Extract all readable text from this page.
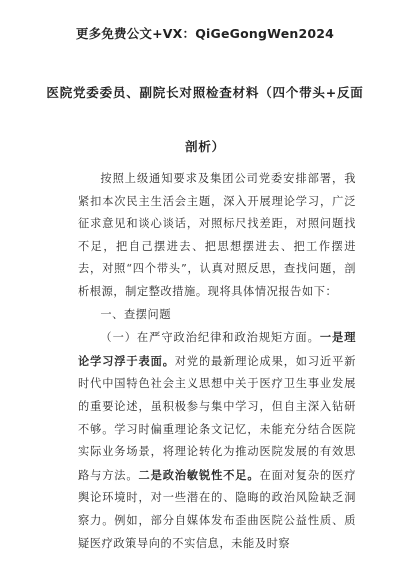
更多免费公文+VX：QiGeGongWen2024
医院党委委员、副院长对照检查材料（四个带头+反面剖析）

按照上级通知要求及集团公司党委安排部署，我紧扣本次民主生活会主题，深入开展理论学习，广泛征求意见和谈心谈话，对照标尺找差距，对照问题找不足，把自己摆进去、把思想摆进去、把工作摆进去，对照“四个带头”，认真对照反思，查找问题，剖析根源，制定整改措施。现将具体情况报告如下：

一、查摆问题

（一）在严守政治纪律和政治规矩方面。一是理论学习浮于表面。对党的最新理论成果，如习近平新时代中国特色社会主义思想中关于医疗卫生事业发展的重要论述，虽积极参与集中学习，但自主深入钻研不够。学习时偏重理论条文记忆，未能充分结合医院实际业务场景，将理论转化为推动医院发展的有效思路与方法。二是政治敏锐性不足。在面对复杂的医疗舆论环境时，对一些潜在的、隐晦的政治风险缺乏洞察力。例如，部分自媒体发布歪曲医院公益性质、质疑医疗政策导向的不实信息，未能及时察
